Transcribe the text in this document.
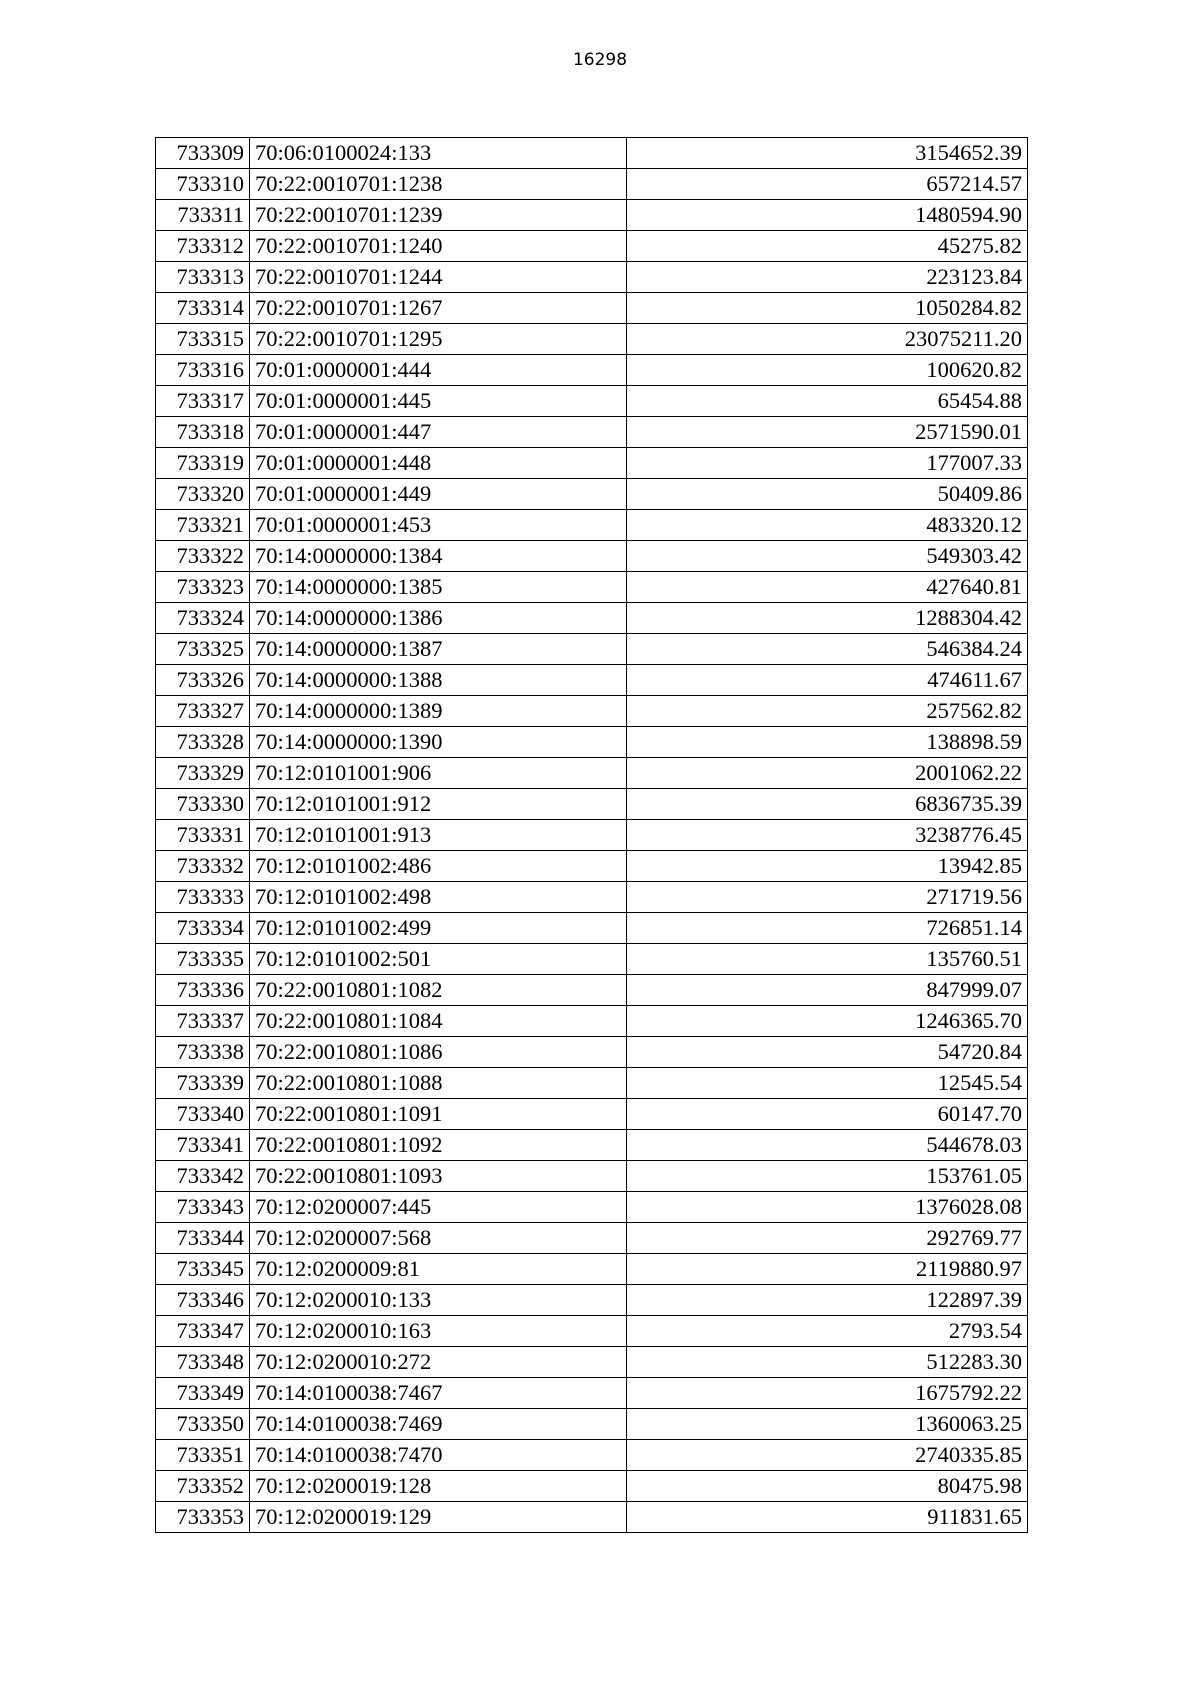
16298
733309	70:06:0100024:133	3154652.39
733310	70:22:0010701:1238	657214.57
733311	70:22:0010701:1239	1480594.90
733312	70:22:0010701:1240	45275.82
733313	70:22:0010701:1244	223123.84
733314	70:22:0010701:1267	1050284.82
733315	70:22:0010701:1295	23075211.20
733316	70:01:0000001:444	100620.82
733317	70:01:0000001:445	65454.88
733318	70:01:0000001:447	2571590.01
733319	70:01:0000001:448	177007.33
733320	70:01:0000001:449	50409.86
733321	70:01:0000001:453	483320.12
733322	70:14:0000000:1384	549303.42
733323	70:14:0000000:1385	427640.81
733324	70:14:0000000:1386	1288304.42
733325	70:14:0000000:1387	546384.24
733326	70:14:0000000:1388	474611.67
733327	70:14:0000000:1389	257562.82
733328	70:14:0000000:1390	138898.59
733329	70:12:0101001:906	2001062.22
733330	70:12:0101001:912	6836735.39
733331	70:12:0101001:913	3238776.45
733332	70:12:0101002:486	13942.85
733333	70:12:0101002:498	271719.56
733334	70:12:0101002:499	726851.14
733335	70:12:0101002:501	135760.51
733336	70:22:0010801:1082	847999.07
733337	70:22:0010801:1084	1246365.70
733338	70:22:0010801:1086	54720.84
733339	70:22:0010801:1088	12545.54
733340	70:22:0010801:1091	60147.70
733341	70:22:0010801:1092	544678.03
733342	70:22:0010801:1093	153761.05
733343	70:12:0200007:445	1376028.08
733344	70:12:0200007:568	292769.77
733345	70:12:0200009:81	2119880.97
733346	70:12:0200010:133	122897.39
733347	70:12:0200010:163	2793.54
733348	70:12:0200010:272	512283.30
733349	70:14:0100038:7467	1675792.22
733350	70:14:0100038:7469	1360063.25
733351	70:14:0100038:7470	2740335.85
733352	70:12:0200019:128	80475.98
733353	70:12:0200019:129	911831.65
